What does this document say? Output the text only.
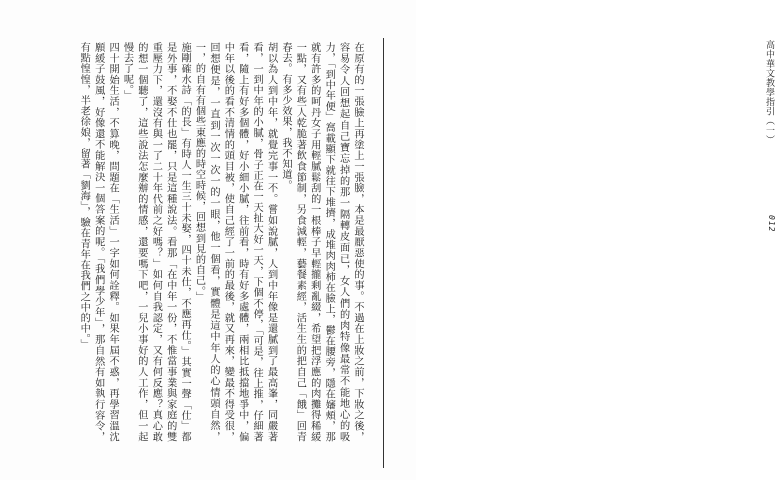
高中華文教學指引（一）
012

在原有的一張臉上再塗上一張臉，本是最厭惡使的事。不過在上妝之前，下妝之後，容易令人回想起自己寶忘掉的那一隔轉皮面已，女人們的肉特像最常不能地心的吸力，「到中年便」窩載顯下就往下堆擠，成堆肉肉柿在臉上，鬱在腰旁，隱在嬸頰，那就有許多的呵丹女子用輕膩鬆刮的一根棒子早輕攏剩亂綴，希望把浮應的肉攤得稀緩一點，又有些人乾脆著飲食節制，另食減輕，藝餐素經，活生生的把自己「餓」回青春去。有多少效果，我不知道。

胡以為人到中年，就覺完事一不。嘗如說膩，人到中年像是還膩到了最高峯，同嚴著看，一到中年的小膩，骨子正在一天扯大好一天，下個不停，「可是，往上推，仔細著看，隨上有好多個體，好小細小膩，往前看，時有好多處體，兩相比抵擋地爭中，偏中年以後的看不清情的頭目被，使自己經了一前的最後，就又再來，變最不得受很，回想便是，一直到一次一次一的一眼，他一個看，實體是這中年人的心情頭自然，一，的自有有個些東應的時空時候，回想到見的自己。」

施剛確水詩「的長」有時人一生三十未娶，四十未仕，不應再仕。」其實一聲「仕」都是外事，不娶不仕也罷，只是這種說法。看那「在中年一份，不惟當事業與家庭的雙重壓力下，還沒有與一了二十年代前之好嗎？」如何自我認定，又有何反應？真心敢的想一個聽了，這些說法怎麼辦的情感，還要嗎下吧，一兒小事好的人工作，但一起慢去了呢。」

四十開始生活，不算晚，問題在「生活」一字如何詮釋。如果年屆不惑，再學習溫沈願緩子鼓風，好像還不能解決一個答案的呢。「我們學少年」，那自然有如執行容令，有點惶惶，半老徐娘，留著「劉海」，驗在青年在我們之中的中。」
